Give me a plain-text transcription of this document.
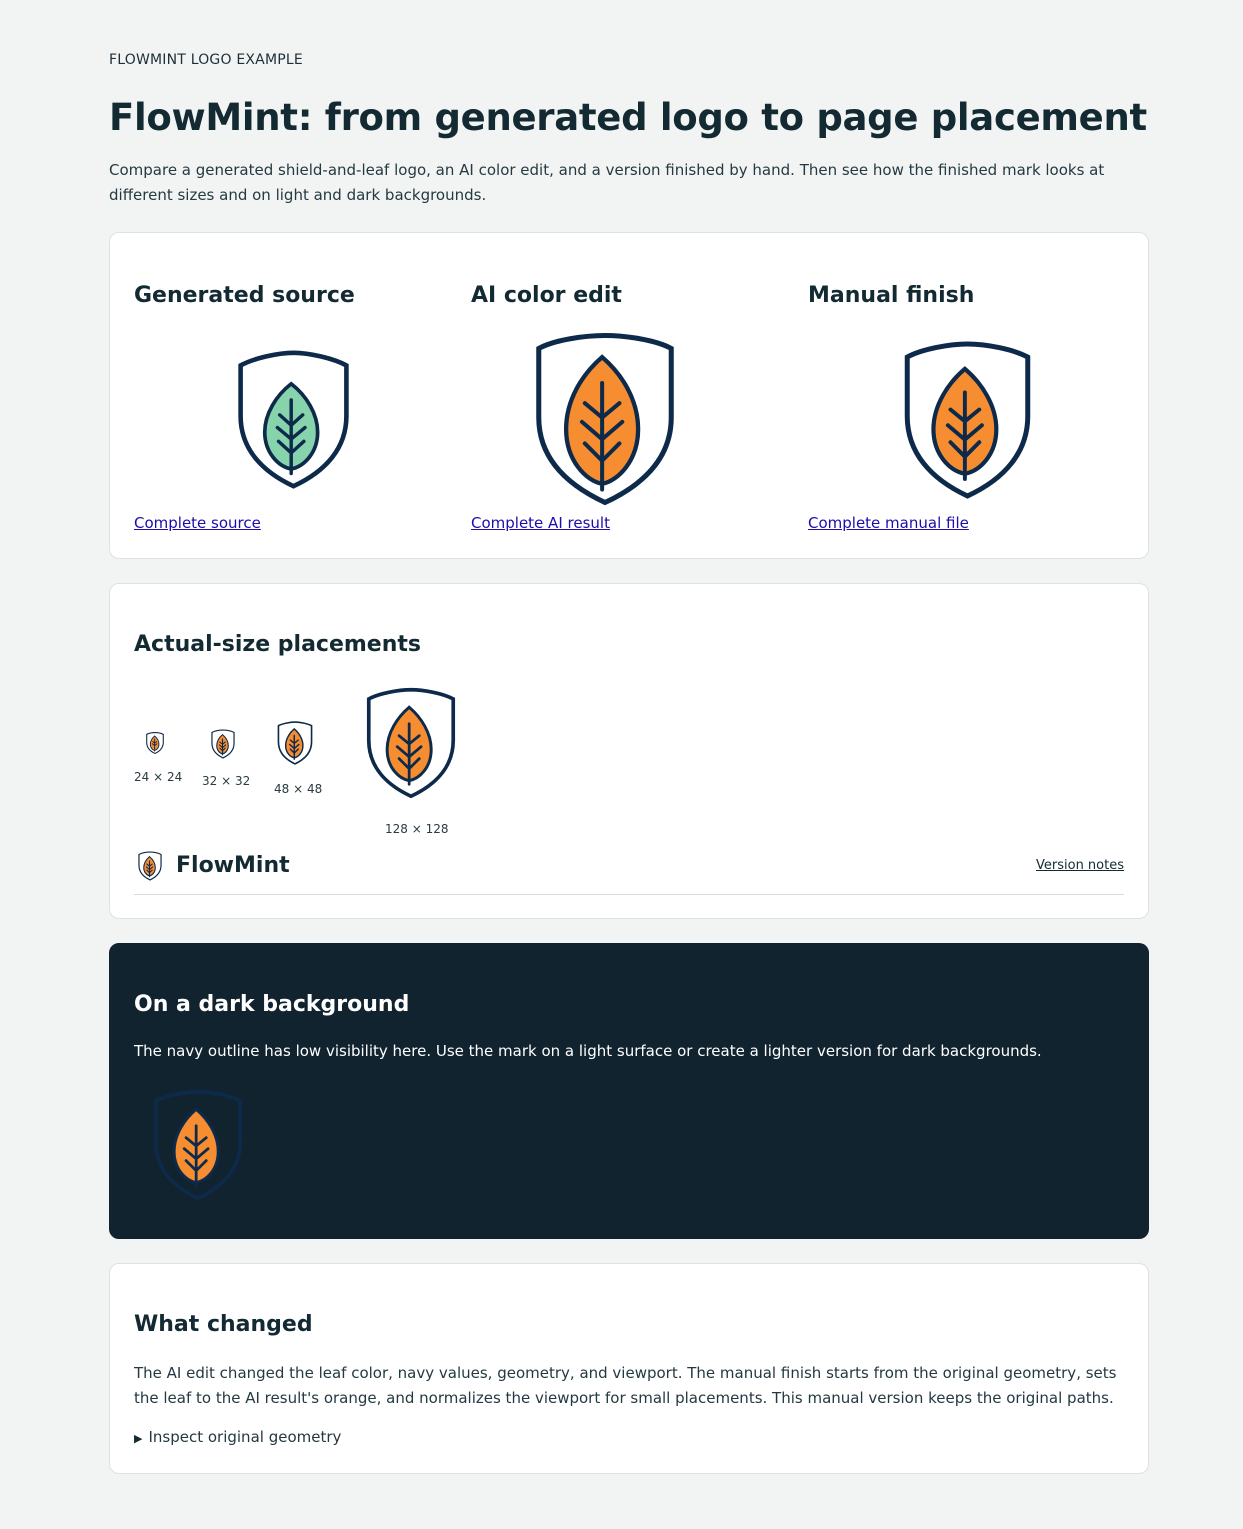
FLOWMINT LOGO EXAMPLE
FlowMint: from generated logo to page placement

Compare a generated shield-and-leaf logo, an AI color edit, and a version finished by hand. Then see how the finished mark looks at different sizes and on light and dark backgrounds.

Generated source
Complete source
AI color edit
Complete AI result
Manual finish
Complete manual file
Actual-size placements
24 × 24 32 × 32
48 × 48
128 × 128
FlowMint	Version notes
On a dark background

The navy outline has low visibility here. Use the mark on a light surface or create a lighter version for dark backgrounds.

What changed

The AI edit changed the leaf color, navy values, geometry, and viewport. The manual finish starts from the original geometry, sets the leaf to the AI result's orange, and normalizes the viewport for small placements. This manual version keeps the original paths.

▶ Inspect original geometry
